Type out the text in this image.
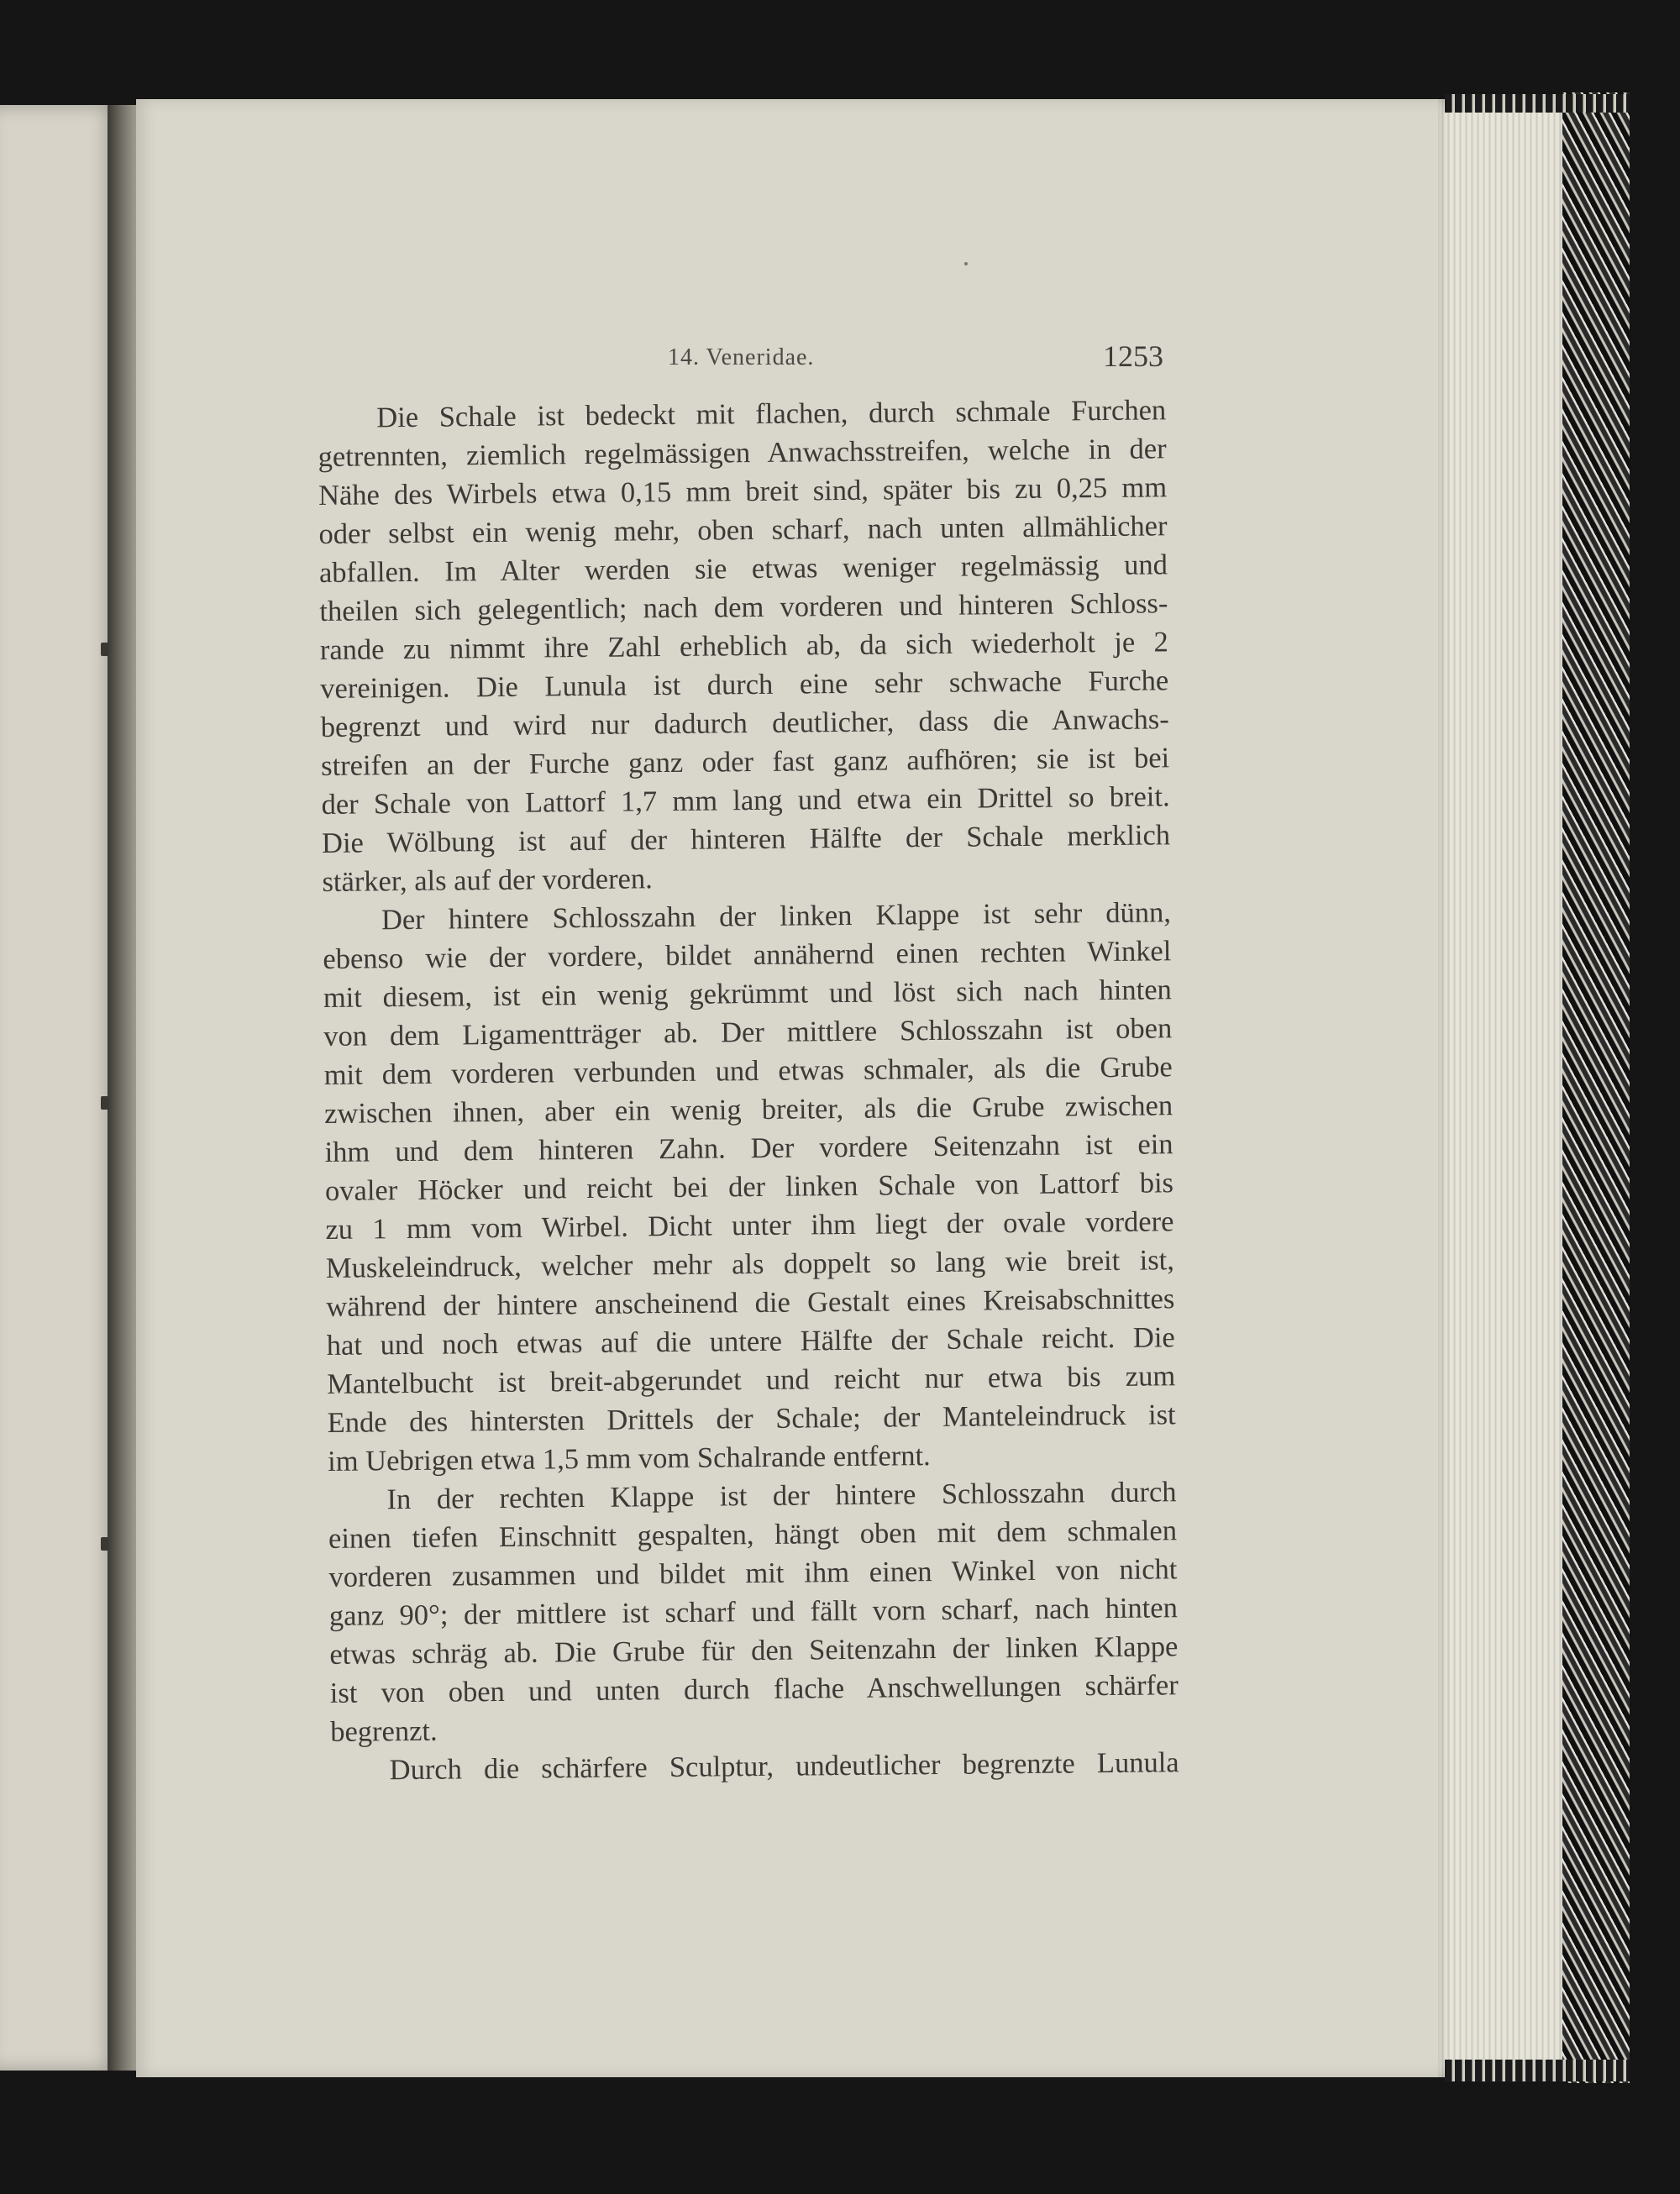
14. Veneridae.	1253
Die Schale ist bedeckt mit flachen, durch schmale Furchen
getrennten, ziemlich regelmässigen Anwachsstreifen, welche in der
Nähe des Wirbels etwa 0,15 mm breit sind, später bis zu 0,25 mm
oder selbst ein wenig mehr, oben scharf, nach unten allmählicher
abfallen. Im Alter werden sie etwas weniger regelmässig und
theilen sich gelegentlich; nach dem vorderen und hinteren Schloss-
rande zu nimmt ihre Zahl erheblich ab, da sich wiederholt je 2
vereinigen. Die Lunula ist durch eine sehr schwache Furche
begrenzt und wird nur dadurch deutlicher, dass die Anwachs-
streifen an der Furche ganz oder fast ganz aufhören; sie ist bei
der Schale von Lattorf 1,7 mm lang und etwa ein Drittel so breit.
Die Wölbung ist auf der hinteren Hälfte der Schale merklich
stärker, als auf der vorderen.
Der hintere Schlosszahn der linken Klappe ist sehr dünn,
ebenso wie der vordere, bildet annähernd einen rechten Winkel
mit diesem, ist ein wenig gekrümmt und löst sich nach hinten
von dem Ligamentträger ab. Der mittlere Schlosszahn ist oben
mit dem vorderen verbunden und etwas schmaler, als die Grube
zwischen ihnen, aber ein wenig breiter, als die Grube zwischen
ihm und dem hinteren Zahn. Der vordere Seitenzahn ist ein
ovaler Höcker und reicht bei der linken Schale von Lattorf bis
zu 1 mm vom Wirbel. Dicht unter ihm liegt der ovale vordere
Muskeleindruck, welcher mehr als doppelt so lang wie breit ist,
während der hintere anscheinend die Gestalt eines Kreisabschnittes
hat und noch etwas auf die untere Hälfte der Schale reicht. Die
Mantelbucht ist breit-abgerundet und reicht nur etwa bis zum
Ende des hintersten Drittels der Schale; der Manteleindruck ist
im Uebrigen etwa 1,5 mm vom Schalrande entfernt.
In der rechten Klappe ist der hintere Schlosszahn durch
einen tiefen Einschnitt gespalten, hängt oben mit dem schmalen
vorderen zusammen und bildet mit ihm einen Winkel von nicht
ganz 90°; der mittlere ist scharf und fällt vorn scharf, nach hinten
etwas schräg ab. Die Grube für den Seitenzahn der linken Klappe
ist von oben und unten durch flache Anschwellungen schärfer
begrenzt.
Durch die schärfere Sculptur, undeutlicher begrenzte Lunula
